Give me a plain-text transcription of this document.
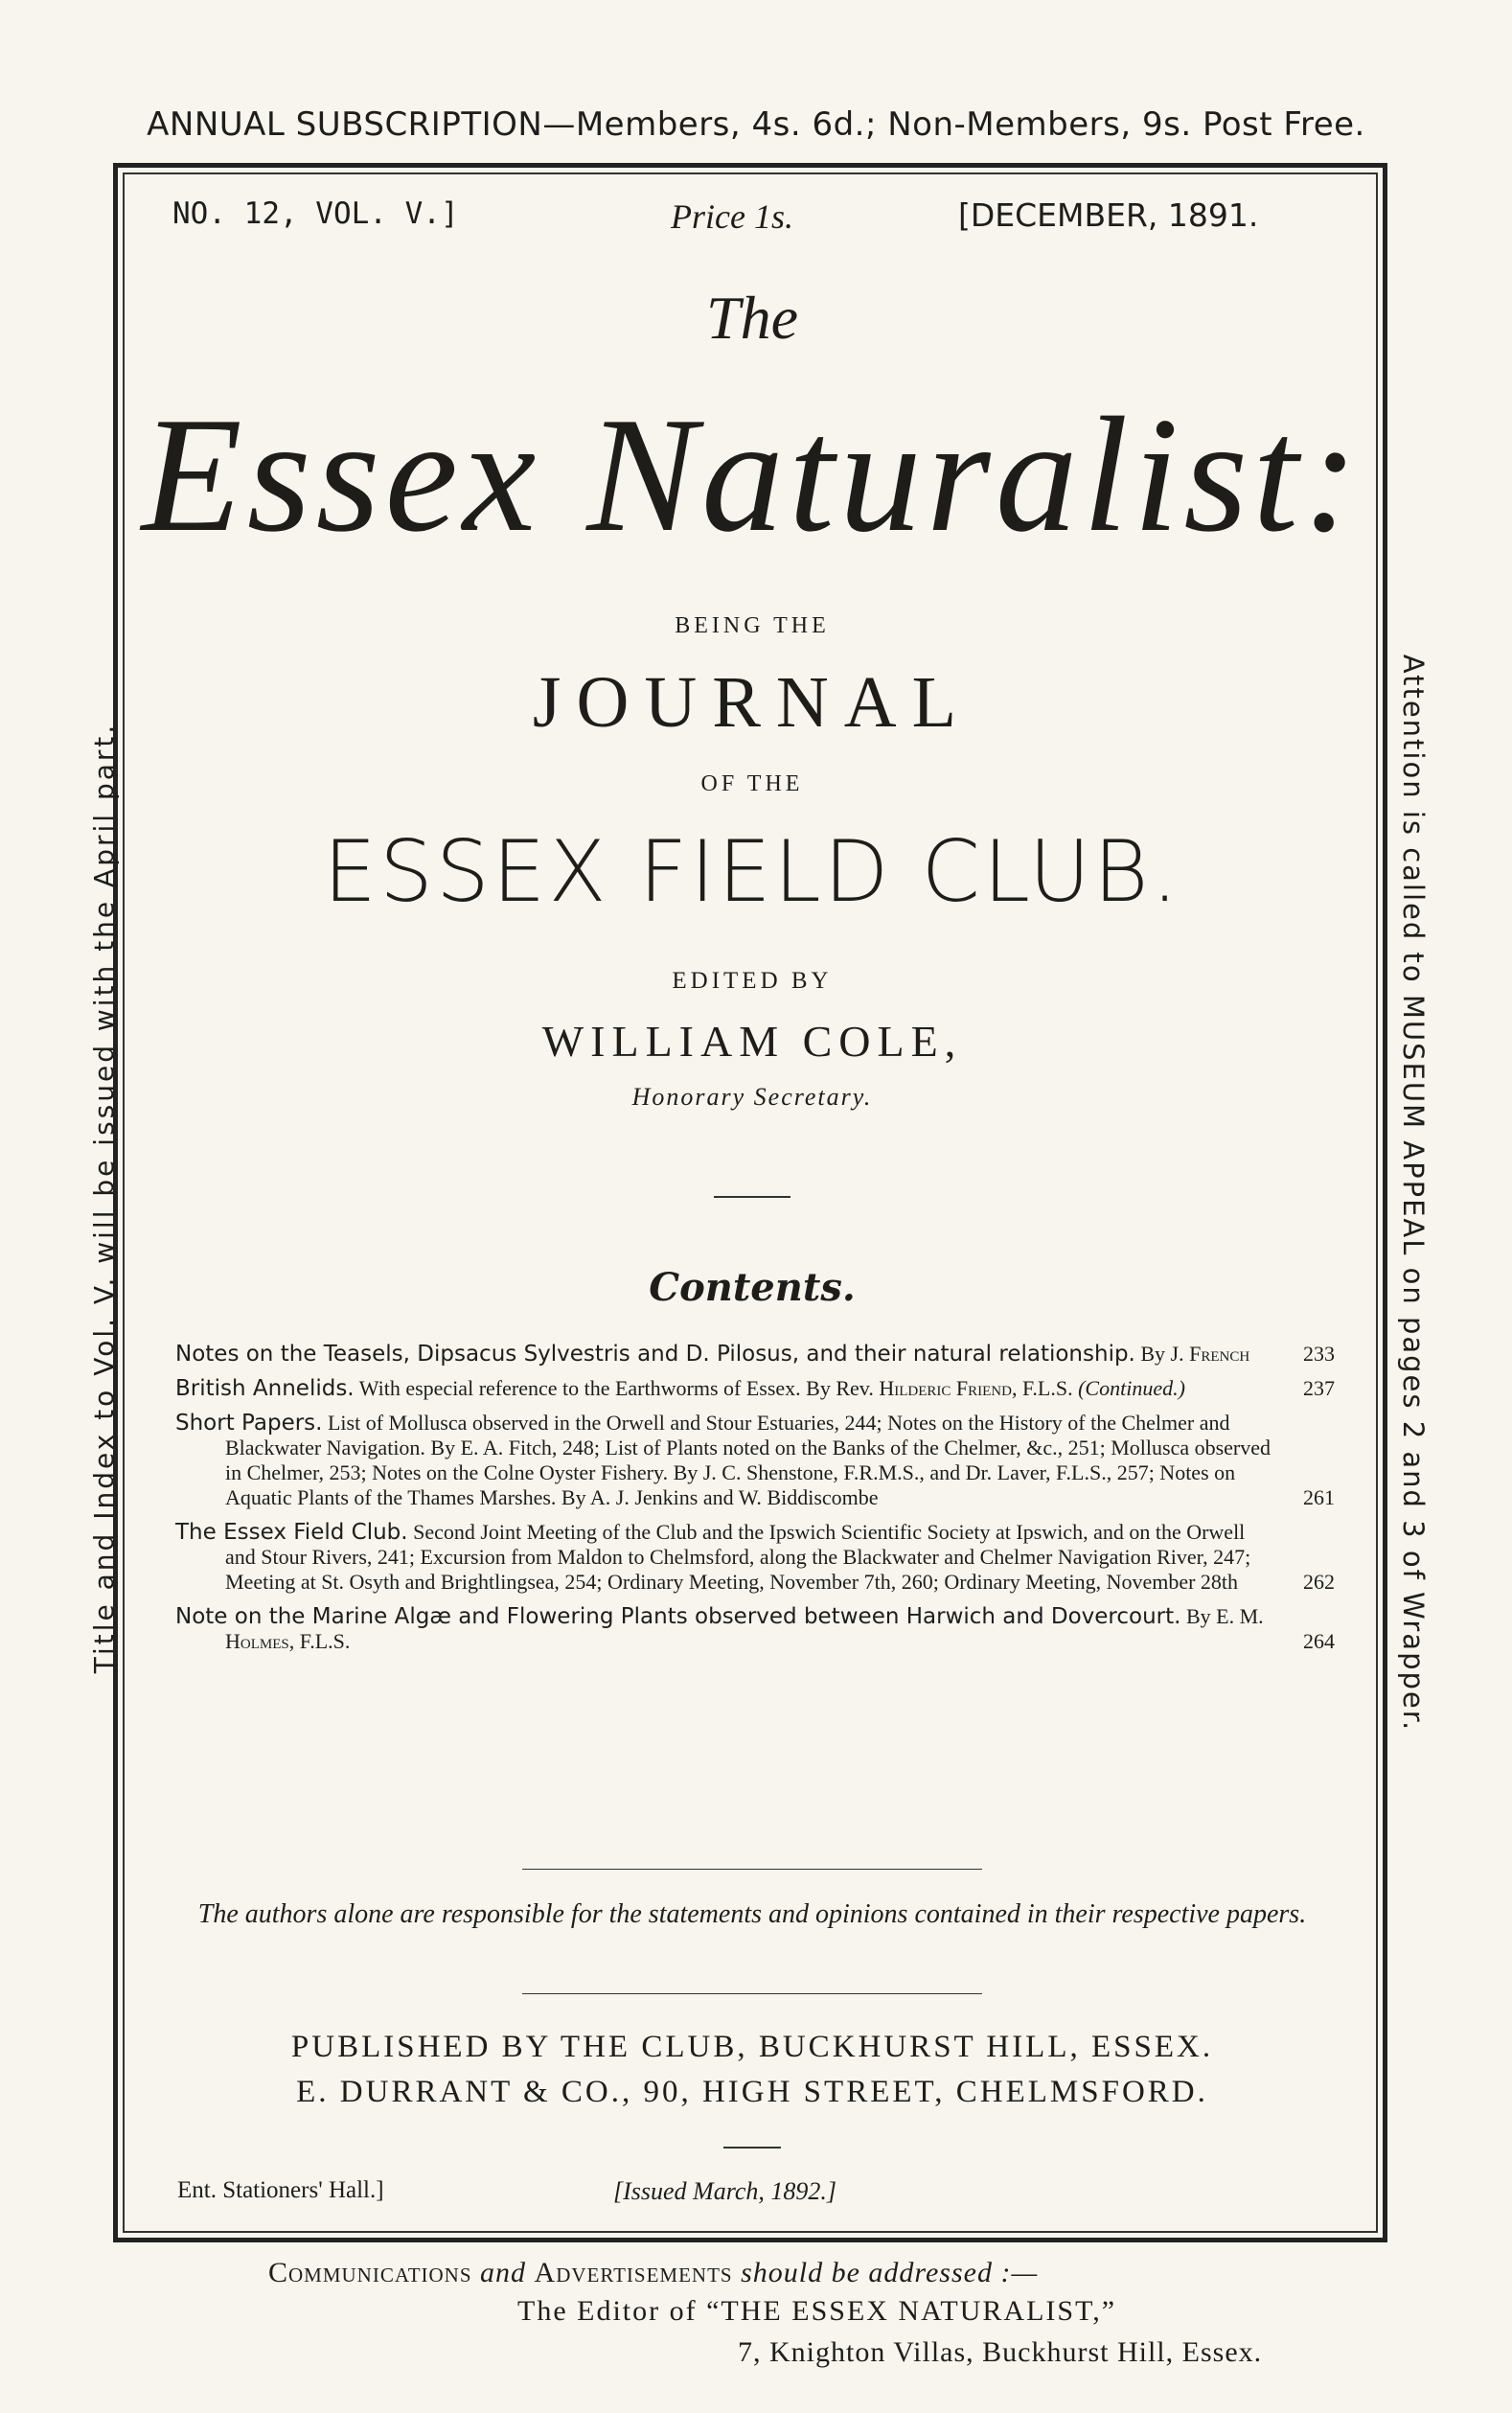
ANNUAL SUBSCRIPTION—Members, 4s. 6d.; Non-Members, 9s. Post Free.
NO. 12, VOL. V.]	Price 1s.	[DECEMBER, 1891.
The
Essex Naturalist:
BEING THE
JOURNAL
OF THE
ESSEX FIELD CLUB.
EDITED BY
WILLIAM COLE,
Honorary Secretary.
Contents.
Notes on the Teasels, Dipsacus Sylvestris and D. Pilosus, and their natural relationship. By J. French	233
British Annelids. With especial reference to the Earthworms of Essex. By Rev. Hilderic Friend, F.L.S. (Continued.)	237
Short Papers. List of Mollusca observed in the Orwell and Stour Estuaries, 244; Notes on the History of the Chelmer and Blackwater Navigation. By E. A. Fitch, 248; List of Plants noted on the Banks of the Chelmer, &c., 251; Mollusca observed in Chelmer, 253; Notes on the Colne Oyster Fishery. By J. C. Shenstone, F.R.M.S., and Dr. Laver, F.L.S., 257; Notes on Aquatic Plants of the Thames Marshes. By A. J. Jenkins and W. Biddiscombe	261
The Essex Field Club. Second Joint Meeting of the Club and the Ipswich Scientific Society at Ipswich, and on the Orwell and Stour Rivers, 241; Excursion from Maldon to Chelmsford, along the Blackwater and Chelmer Navigation River, 247; Meeting at St. Osyth and Brightlingsea, 254; Ordinary Meeting, November 7th, 260; Ordinary Meeting, November 28th	262
Note on the Marine Algæ and Flowering Plants observed between Harwich and Dovercourt. By E. M. Holmes, F.L.S.	264
The authors alone are responsible for the statements and opinions contained in their respective papers.
PUBLISHED BY THE CLUB, BUCKHURST HILL, ESSEX.
E. DURRANT & CO., 90, HIGH STREET, CHELMSFORD.
Ent. Stationers' Hall.]	[Issued March, 1892.]
Communications and Advertisements should be addressed :—
The Editor of “THE ESSEX NATURALIST,”
7, Knighton Villas, Buckhurst Hill, Essex.
Title and Index to Vol. V. will be issued with the April part.	Attention is called to MUSEUM APPEAL on pages 2 and 3 of Wrapper.
